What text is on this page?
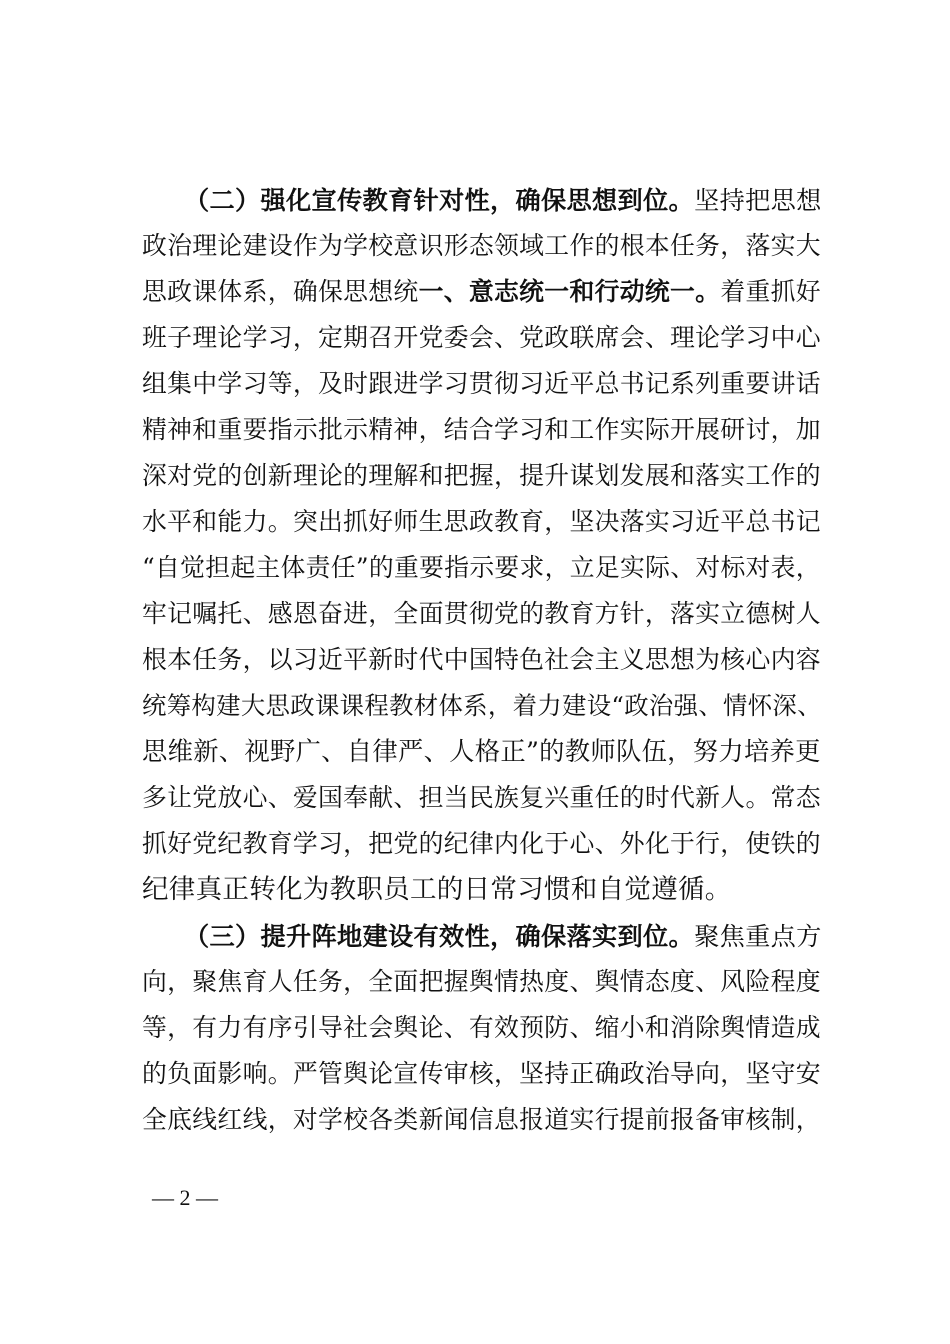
（二）强化宣传教育针对性，确保思想到位。坚持把思想
政治理论建设作为学校意识形态领域工作的根本任务，落实大
思政课体系，确保思想统一、意志统一和行动统一。着重抓好
班子理论学习，定期召开党委会、党政联席会、理论学习中心
组集中学习等，及时跟进学习贯彻习近平总书记系列重要讲话
精神和重要指示批示精神，结合学习和工作实际开展研讨，加
深对党的创新理论的理解和把握，提升谋划发展和落实工作的
水平和能力。突出抓好师生思政教育，坚决落实习近平总书记
“自觉担起主体责任”的重要指示要求，立足实际、对标对表，
牢记嘱托、感恩奋进，全面贯彻党的教育方针，落实立德树人
根本任务，以习近平新时代中国特色社会主义思想为核心内容
统筹构建大思政课课程教材体系，着力建设“政治强、情怀深、
思维新、视野广、自律严、人格正”的教师队伍，努力培养更
多让党放心、爱国奉献、担当民族复兴重任的时代新人。常态
抓好党纪教育学习，把党的纪律内化于心、外化于行，使铁的
纪律真正转化为教职员工的日常习惯和自觉遵循。
（三）提升阵地建设有效性，确保落实到位。聚焦重点方
向，聚焦育人任务，全面把握舆情热度、舆情态度、风险程度
等，有力有序引导社会舆论、有效预防、缩小和消除舆情造成
的负面影响。严管舆论宣传审核，坚持正确政治导向，坚守安
全底线红线，对学校各类新闻信息报道实行提前报备审核制，
— 2 —
